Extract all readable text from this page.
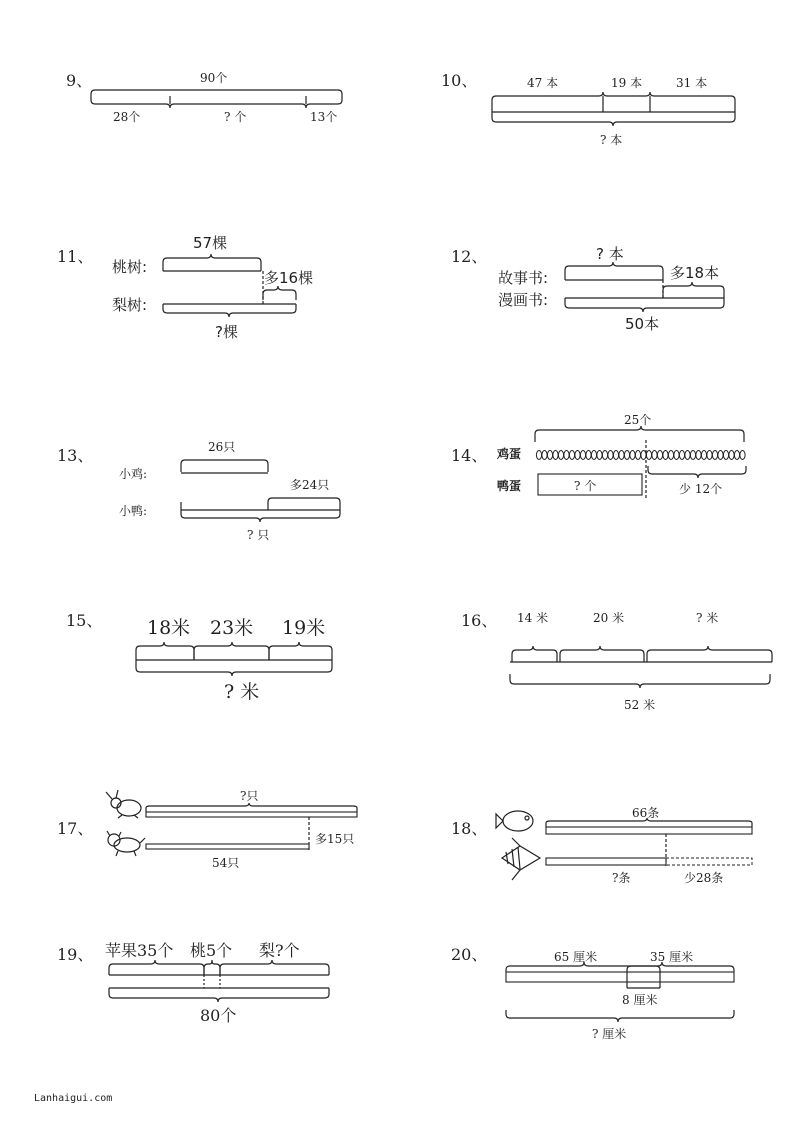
9、	10、
11、	12、
13、	14、
15、	16、
17、	18、
19、	20、
90个
28个	? 个	13个
47 本	19 本	31 本
? 本
57棵
桃树:
梨树:
多16棵
?棵
? 本
故事书:
漫画书:
多18本
50本
26只
小鸡:
小鸭:
多24只
? 只
25个
鸡蛋
鸭蛋	? 个	少 12个
18米 23米 19米
? 米
14 米	20 米	? 米
52 米
?只
多15只
54只
66条
?条	少28条
苹果35个 桃5个 梨?个
80个
65 厘米	35 厘米
8 厘米
? 厘米
Lanhaigui.com
